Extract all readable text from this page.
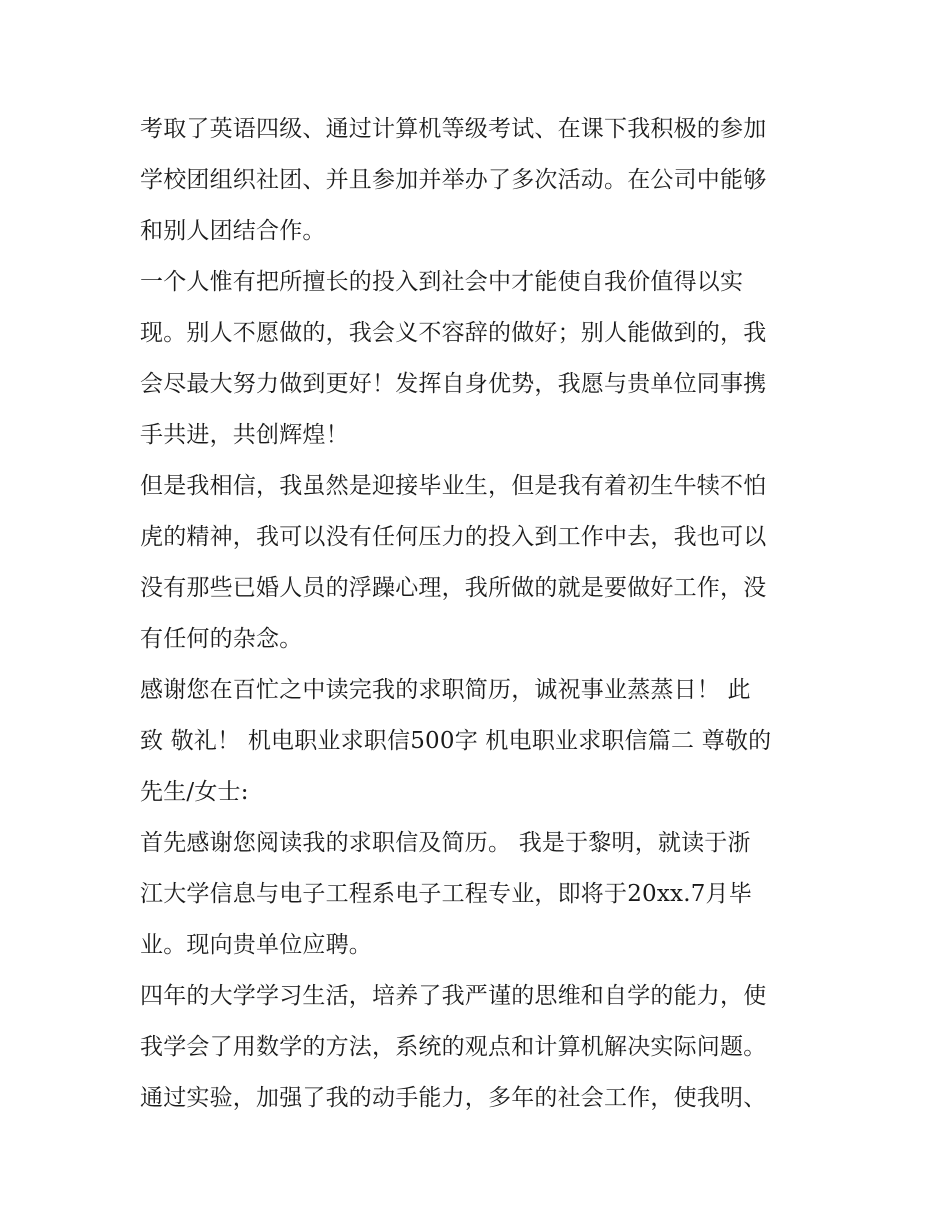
考取了英语四级、通过计算机等级考试、在课下我积极的参加
学校团组织社团、并且参加并举办了多次活动。在公司中能够
和别人团结合作。
一个人惟有把所擅长的投入到社会中才能使自我价值得以实
现。别人不愿做的，我会义不容辞的做好；别人能做到的，我
会尽最大努力做到更好！发挥自身优势，我愿与贵单位同事携
手共进，共创辉煌！
但是我相信，我虽然是迎接毕业生，但是我有着初生牛犊不怕
虎的精神，我可以没有任何压力的投入到工作中去，我也可以
没有那些已婚人员的浮躁心理，我所做的就是要做好工作，没
有任何的杂念。
感谢您在百忙之中读完我的求职简历，诚祝事业蒸蒸日！ 此
致 敬礼！ 机电职业求职信500字 机电职业求职信篇二 尊敬的
先生/女士:
首先感谢您阅读我的求职信及简历。 我是于黎明，就读于浙
江大学信息与电子工程系电子工程专业，即将于20xx.7月毕
业。现向贵单位应聘。
四年的大学学习生活，培养了我严谨的思维和自学的能力，使
我学会了用数学的方法，系统的观点和计算机解决实际问题。
通过实验，加强了我的动手能力，多年的社会工作，使我明、
